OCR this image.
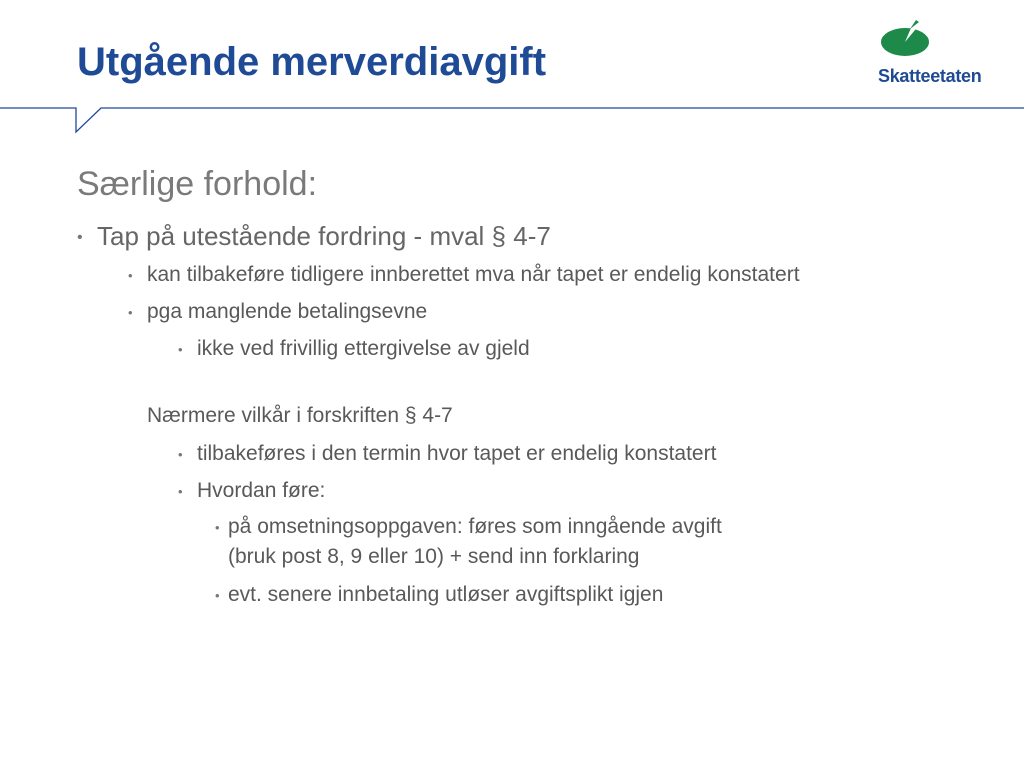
Utgående merverdiavgift	Skatteetaten
Særlige forhold:
• Tap på utestående fordring - mval § 4-7
• kan tilbakeføre tidligere innberettet mva når tapet er endelig konstatert
• pga manglende betalingsevne
• ikke ved frivillig ettergivelse av gjeld
Nærmere vilkår i forskriften § 4-7
• tilbakeføres i den termin hvor tapet er endelig konstatert
• Hvordan føre:
• på omsetningsoppgaven: føres som inngående avgift
(bruk post 8, 9 eller 10) + send inn forklaring
• evt. senere innbetaling utløser avgiftsplikt igjen
